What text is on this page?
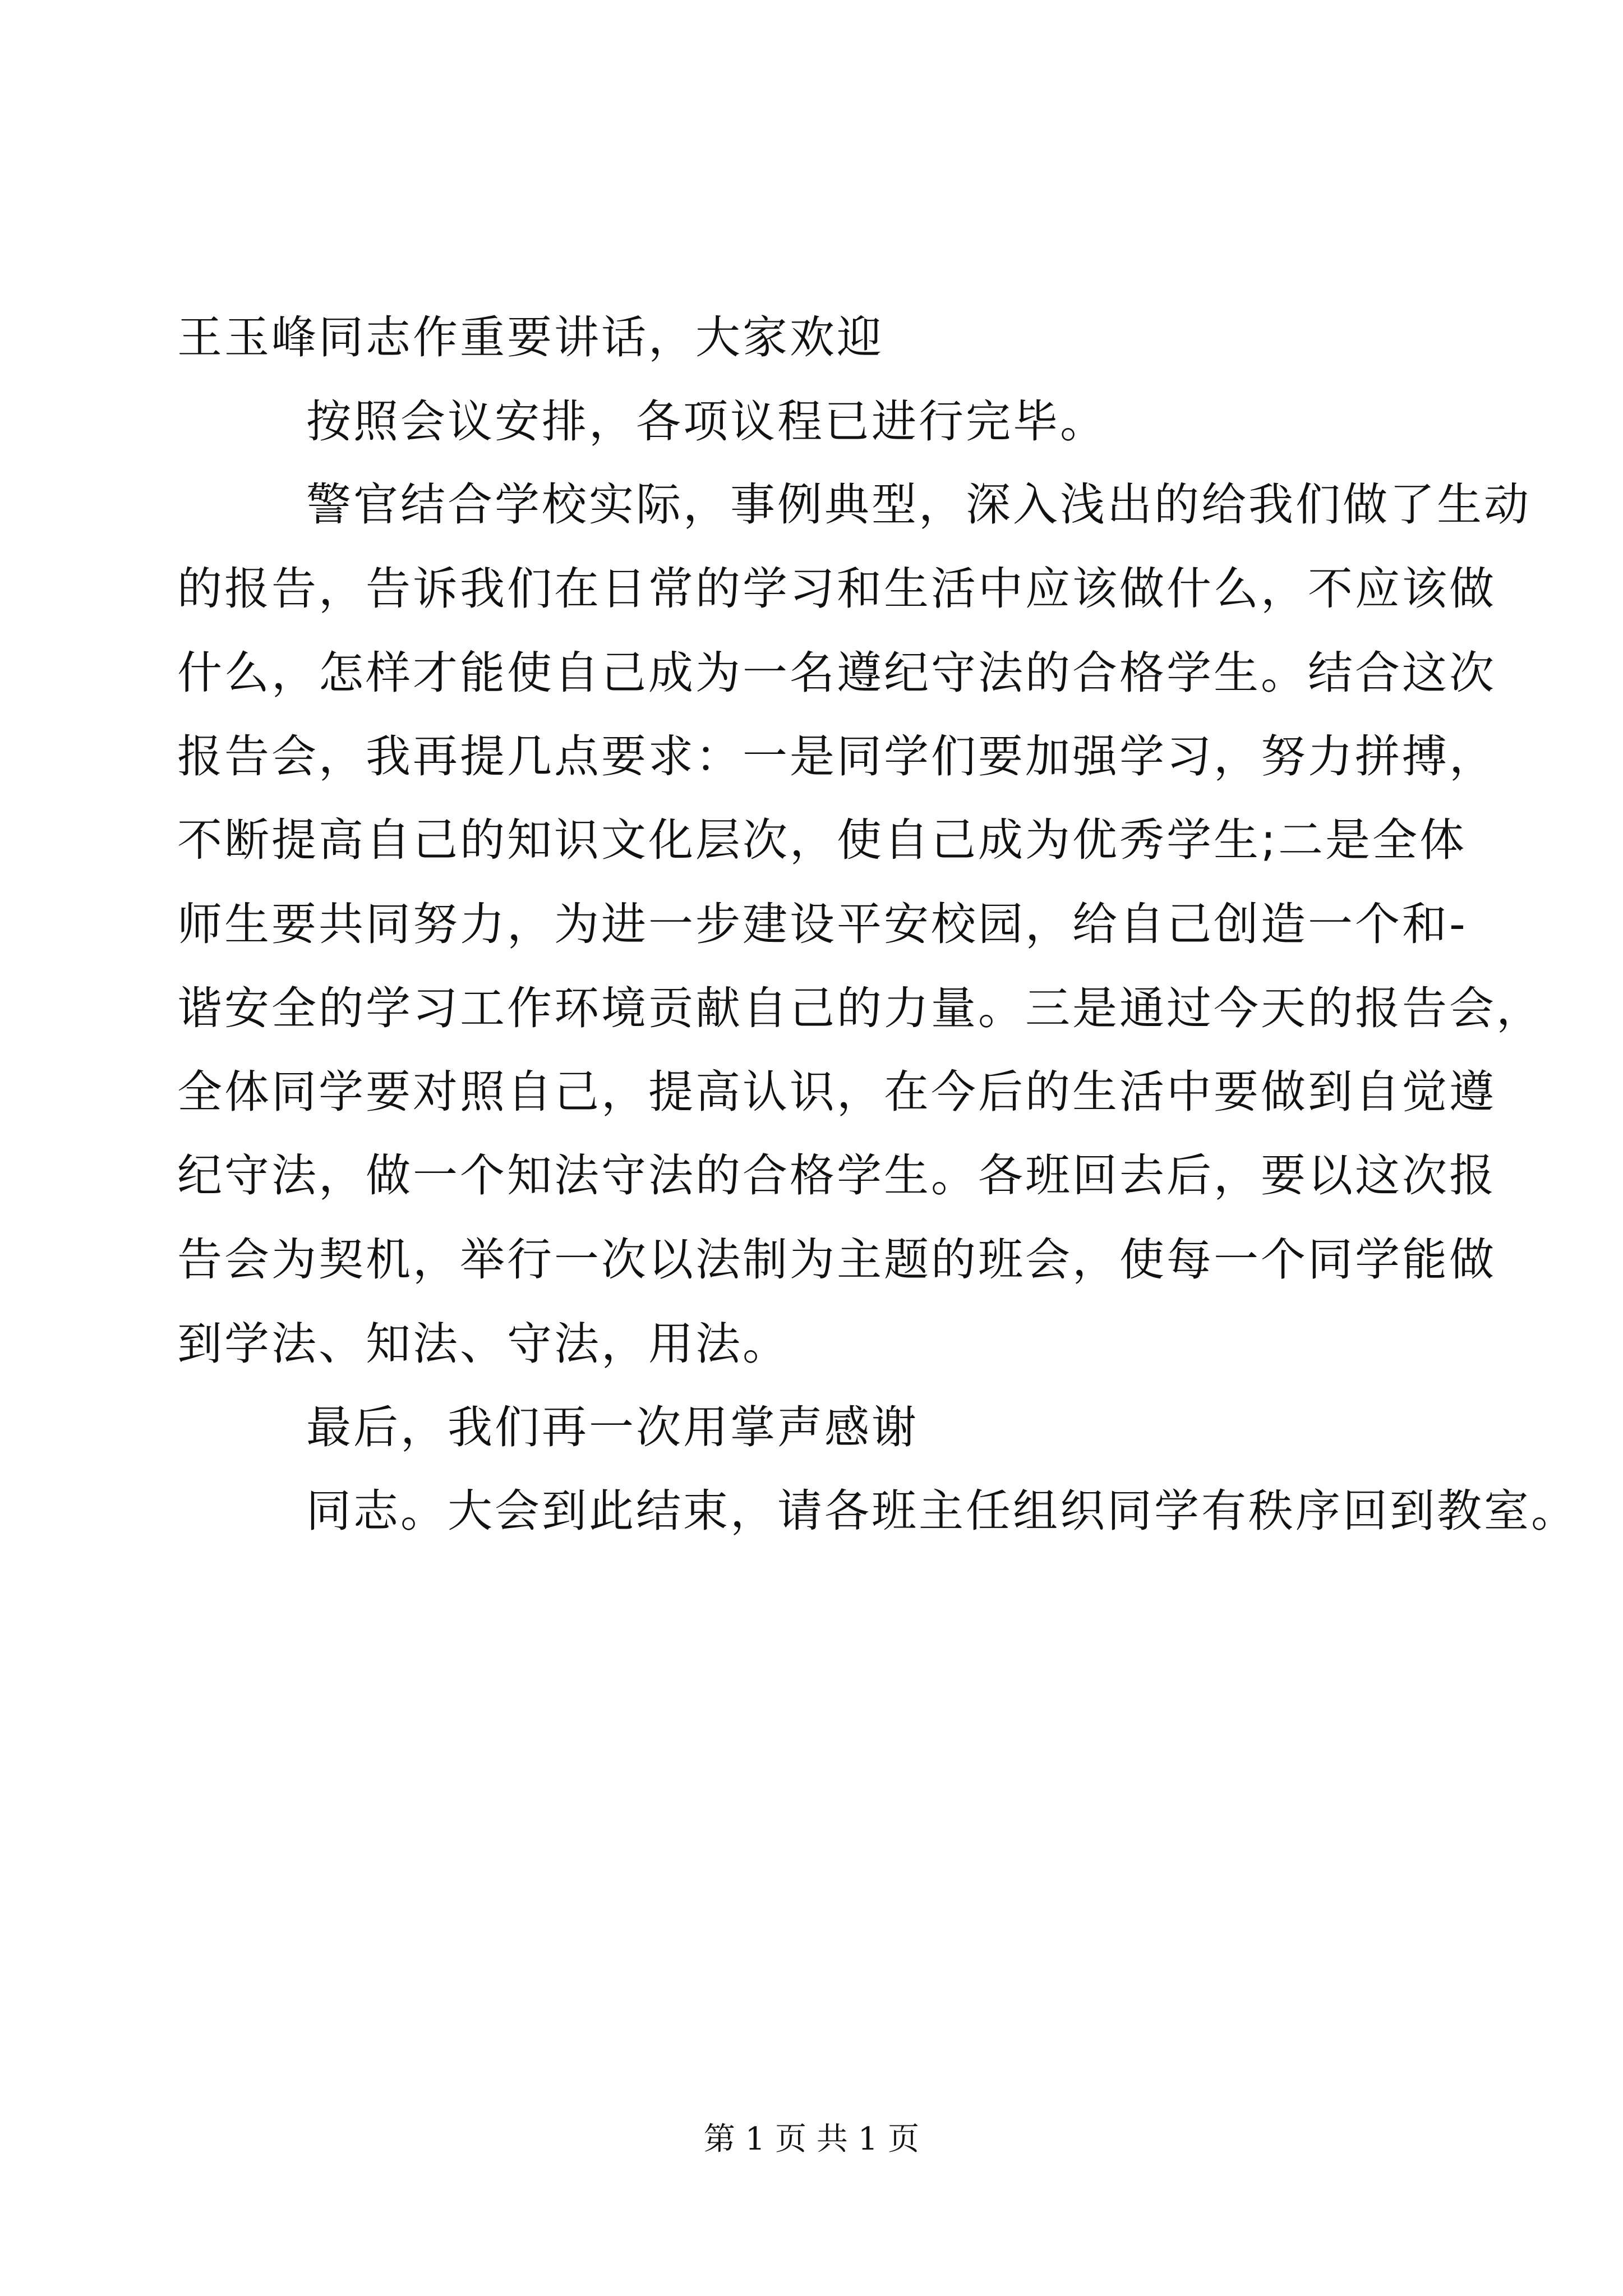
王玉峰同志作重要讲话，大家欢迎
按照会议安排，各项议程已进行完毕。
警官结合学校实际，事例典型，深入浅出的给我们做了生动
的报告，告诉我们在日常的学习和生活中应该做什么，不应该做
什么，怎样才能使自己成为一名遵纪守法的合格学生。结合这次
报告会，我再提几点要求：一是同学们要加强学习，努力拼搏，
不断提高自己的知识文化层次，使自己成为优秀学生;二是全体
师生要共同努力，为进一步建设平安校园，给自己创造一个和-
谐安全的学习工作环境贡献自己的力量。三是通过今天的报告会，
全体同学要对照自己，提高认识，在今后的生活中要做到自觉遵
纪守法，做一个知法守法的合格学生。各班回去后，要以这次报
告会为契机，举行一次以法制为主题的班会，使每一个同学能做
到学法、知法、守法，用法。
最后，我们再一次用掌声感谢
同志。大会到此结束，请各班主任组织同学有秩序回到教室。
第 1 页 共 1 页
